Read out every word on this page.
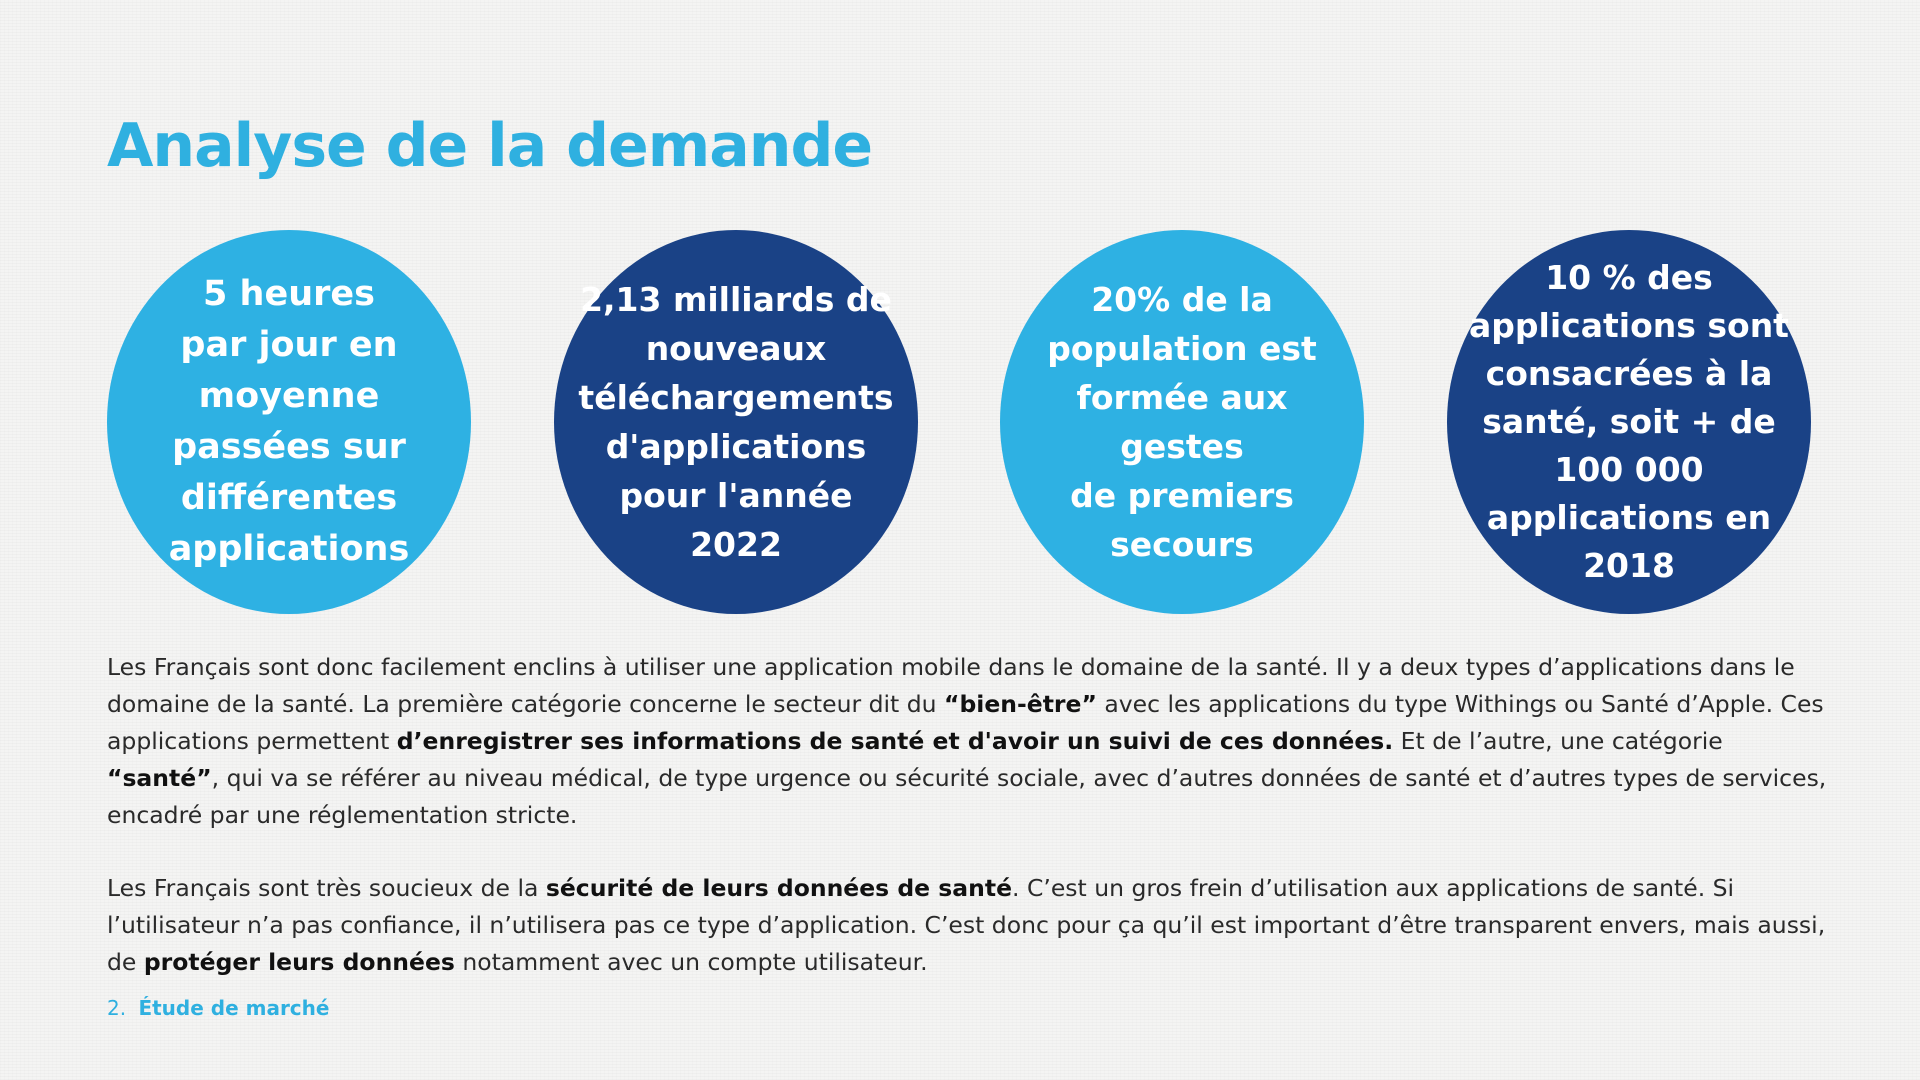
Analyse de la demande
5 heures
par jour en
moyenne
passées sur
différentes
applications
2,13 milliards de
nouveaux
téléchargements
d'applications
pour l'année
2022
20% de la
population est
formée aux gestes
de premiers
secours
10 % des
applications sont
consacrées à la
santé, soit + de
100 000
applications en
2018

Les Français sont donc facilement enclins à utiliser une application mobile dans le domaine de la santé. Il y a deux types d’applications dans le domaine de la santé. La première catégorie concerne le secteur dit du “bien-être” avec les applications du type Withings ou Santé d’Apple. Ces applications permettent d’enregistrer ses informations de santé et d'avoir un suivi de ces données. Et de l’autre, une catégorie “santé”, qui va se référer au niveau médical, de type urgence ou sécurité sociale, avec d’autres données de santé et d’autres types de services, encadré par une réglementation stricte.

Les Français sont très soucieux de la sécurité de leurs données de santé. C’est un gros frein d’utilisation aux applications de santé. Si l’utilisateur n’a pas confiance, il n’utilisera pas ce type d’application. C’est donc pour ça qu’il est important d’être transparent envers, mais aussi, de protéger leurs données notamment avec un compte utilisateur.

2. Étude de marché
